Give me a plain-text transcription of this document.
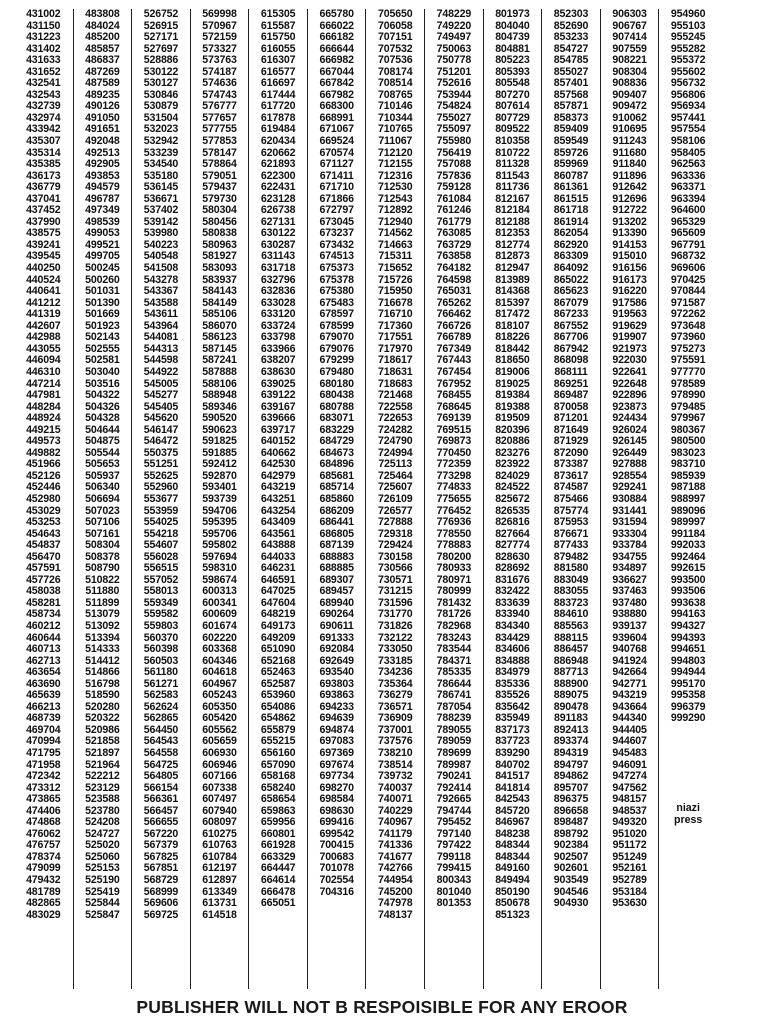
431002
431150
431223
431402
431633
431652
432541
432543
432739
432974
433942
435307
435314
435385
436173
436779
437041
437452
437990
438575
439241
439545
440250
440524
440641
441212
441319
442607
442988
443055
446094
446310
447214
447981
448284
448924
449215
449573
449882
451966
452126
452446
452980
453029
453253
454643
454837
456470
457591
457726
458038
458281
458734
460212
460644
460713
462713
463654
463690
465639
466213
468739
469704
470994
471795
471958
472342
473312
473865
474406
474868
476062
476757
478374
479099
479432
481789
482865
483029
483808
484024
485200
485857
486837
487269
487589
489235
490126
491050
491651
492048
492513
492905
493853
494579
496787
497349
498539
499053
499521
499705
500245
500260
501031
501390
501669
501923
502143
502555
502581
503040
503516
504322
504326
504328
504644
504875
505544
505653
505937
506340
506694
507023
507106
507161
508304
508378
508790
510822
511880
511899
513079
513092
513394
514333
514412
514866
516798
518590
520280
520322
520986
521858
521897
521964
522212
523129
523588
523780
524208
524727
525020
525060
525153
525190
525419
525844
525847
526752
526915
527171
527697
528886
530122
530127
530846
530879
531504
532023
532942
533239
534540
535180
536145
536671
537402
539142
539980
540223
540548
541508
543278
543367
543588
543611
543964
544081
544313
544598
544922
545005
545277
545405
545620
546147
546472
550375
551251
552625
552960
553677
553959
554025
554218
554607
556028
556515
557052
558013
559349
559582
559803
560370
560398
560503
561180
561271
562583
562624
562865
564450
564543
564558
564725
564805
566154
566361
566457
566655
567220
567379
567825
567851
568729
568999
569606
569725
569998
570967
572159
573327
573763
574187
574636
574743
576777
577657
577755
577853
578147
578864
579051
579437
579730
580304
580456
580838
580963
581927
583093
583937
584143
584149
585106
586070
586123
587145
587241
587888
588106
588948
589346
590520
590623
591825
591885
592412
592870
593401
593739
594706
595395
595706
595802
597694
598310
598674
600313
600341
600609
601674
602220
603368
604346
604618
604967
605243
605350
605420
605562
605659
606930
606946
607166
607338
607497
607940
608097
610275
610763
610784
612197
612897
613349
613731
614518
615305
615587
615750
616055
616307
616577
616697
617444
617720
617878
619484
620434
620662
621893
622300
622431
623128
626738
627131
630122
630287
631143
631718
632796
632836
633028
633120
633724
633798
633966
638207
638630
639025
639122
639167
639666
639717
640152
640662
642530
642979
643219
643251
643254
643409
643561
643888
644033
646231
646591
647025
647604
648219
649173
649209
651090
652168
652463
652587
653960
654086
654862
655879
655215
656160
657090
658168
658240
658654
659863
659956
660801
661928
663329
664447
664614
666478
665051
665780
666022
666182
666644
666982
667044
667842
667982
668300
668991
671067
669524
670574
671127
671411
671710
671866
672797
673045
673237
673432
674513
675373
675378
675380
675483
678597
678599
679070
679076
679299
679480
680180
680438
680788
683071
683229
684729
684673
684896
685681
685714
685860
686209
686441
686805
687139
688883
688885
689307
689457
689940
690264
690611
691333
692084
692649
693540
693803
693863
694233
694639
694874
697083
697369
697674
697734
698270
698584
698630
699416
699542
700415
700683
701078
702554
704316
705650
706058
707151
707532
707536
708174
708514
708765
710146
710344
710765
711067
712120
712155
712316
712530
712543
712892
712940
714562
714663
715311
715652
715726
715950
716678
716710
717360
717551
717970
718617
718631
718683
721468
722558
722653
724282
724790
724994
725113
725464
725607
726109
726577
727888
729318
729424
730158
730566
730571
731215
731596
731770
731826
732122
733050
733185
734236
735364
736279
736571
736909
737001
737576
738210
738514
739732
740037
740071
740229
740967
741179
741336
741677
742766
744954
745200
747978
748137
748229
749220
749497
750063
750778
751201
752616
753944
754824
755027
755097
755980
756419
757088
757836
759128
761084
761246
761779
763085
763729
763858
764182
764598
765031
765262
766462
766726
766789
767349
767443
767454
767952
768455
768645
769139
769515
769873
770450
772359
773298
774833
775655
776452
776936
778550
778883
780200
780933
780971
780999
781432
781726
782968
783243
783544
784371
785335
786644
786741
787054
788239
789055
789059
789699
789987
790241
792414
792665
794744
795452
797140
797422
799118
799415
800343
801040
801353
801973
804040
804739
804881
805223
805393
805548
807270
807614
807729
809522
810358
810722
811328
811543
811736
812167
812184
812188
812353
812774
812873
812947
813989
814368
815397
817472
818107
818226
818442
818650
819006
819025
819384
819388
819509
820396
820886
823276
823922
824029
824522
825672
826535
826816
827664
827774
828630
828692
831676
832422
833639
833940
834340
834429
834606
834888
834979
835336
835526
835642
835949
837173
837723
839290
840702
841517
841814
842543
845720
846967
848238
848344
848344
849160
849494
850190
850678
851323
852303
852690
853233
854727
854785
855027
857401
857568
857871
858373
859409
859549
859726
859969
860787
861361
861515
861718
861914
862054
862920
863309
864092
865022
865623
867079
867233
867552
867706
867942
868098
868111
869251
869487
870058
871201
871649
871929
872090
873387
873617
874587
875466
875774
875953
876671
877433
879482
881580
883049
883055
883723
884610
885563
888115
886457
886948
887713
888900
889075
890478
891183
892413
893374
894319
894797
894862
895707
896375
896658
898487
898792
902384
902507
902601
903549
904546
904930
906303
906767
907414
907559
908221
908304
908836
909407
909472
910062
910695
911243
911680
911840
911896
912642
912696
912722
913202
913390
914153
915010
916156
916173
916220
917586
919563
919629
919907
921973
922030
922641
922648
922896
923873
924434
926024
926145
926449
927888
928554
929241
930884
931441
931594
933304
933784
934755
934897
936627
937463
937480
938880
939137
939604
940768
941924
942664
942771
943219
943664
944340
944405
944607
945483
946091
947274
947562
948157
948537
949320
951020
951172
951249
952161
952789
953184
953630
954960
955103
955245
955282
955372
955602
956732
956806
956934
957441
957554
958106
958405
962563
963336
963371
963394
964600
965329
965609
967791
968732
969606
970425
970844
971587
972262
973648
973960
975273
975591
977770
978589
978990
979485
979967
980367
980500
983023
983710
985939
987188
988997
989096
989997
991184
992033
992464
992615
993500
993506
993638
994163
994327
994393
994651
994803
994944
995170
995358
996379
999290
niazi
press
PUBLISHER WILL NOT B RESPOISIBLE FOR ANY EROOR
